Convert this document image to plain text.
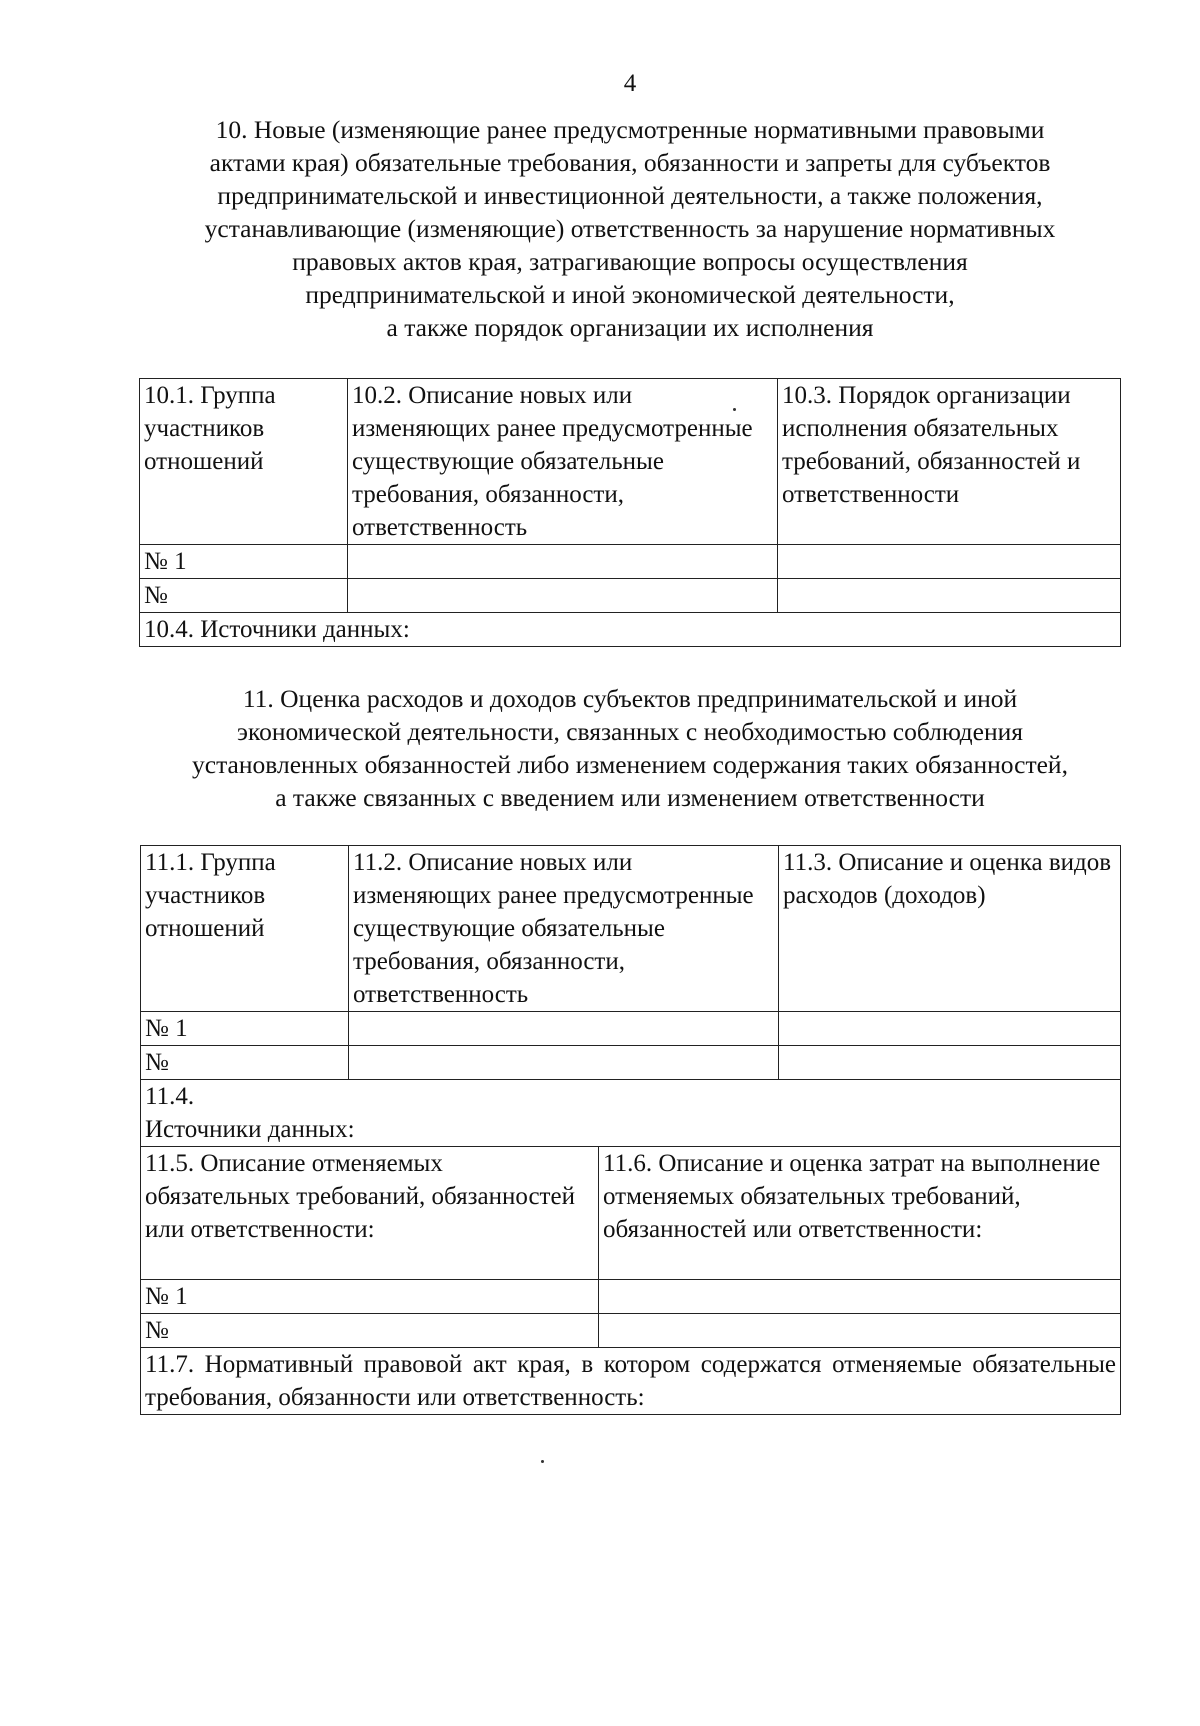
4
10. Новые (изменяющие ранее предусмотренные нормативными правовыми
актами края) обязательные требования, обязанности и запреты для субъектов
предпринимательской и инвестиционной деятельности, а также положения,
устанавливающие (изменяющие) ответственность за нарушение нормативных
правовых актов края, затрагивающие вопросы осуществления
предпринимательской и иной экономической деятельности,
а также порядок организации их исполнения
10.1. Группа участников отношений	10.2. Описание новых или изменяющих ранее предусмотренные существующие обязательные требования, обязанности, ответственность	10.3. Порядок организации исполнения обязательных требований, обязанностей и ответственности
№ 1		
№		
10.4. Источники данных:		
11. Оценка расходов и доходов субъектов предпринимательской и иной
экономической деятельности, связанных с необходимостью соблюдения
установленных обязанностей либо изменением содержания таких обязанностей,
а также связанных с введением или изменением ответственности
11.1. Группа участников отношений	11.2. Описание новых или изменяющих ранее предусмотренные существующие обязательные требования, обязанности, ответственность	11.3. Описание и оценка видов расходов (доходов)
№ 1		
№		

11.4.
Источники данных:		
11.5. Описание отменяемых обязательных требований, обязанностей или ответственности:	11.6. Описание и оценка затрат на выполнение отменяемых обязательных требований, обязанностей или ответственности:
№ 1	
№	
11.7. Нормативный правовой акт края, в котором содержатся отменяемые обязательные требования, обязанности или ответственность:	
